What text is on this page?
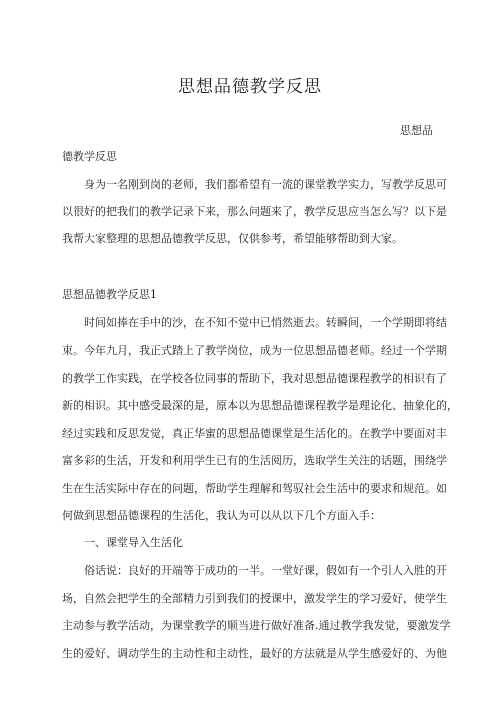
思想品德教学反思
思想品
德教学反思
身为一名刚到岗的老师，我们都希望有一流的课堂教学实力，写教学反思可
以很好的把我们的教学记录下来，那么问题来了，教学反思应当怎么写？以下是
我帮大家整理的思想品德教学反思，仅供参考，希望能够帮助到大家。
思想品德教学反思1
时间如捧在手中的沙，在不知不觉中已悄然逝去。转瞬间，一个学期即将结
束。今年九月，我正式踏上了教学岗位，成为一位思想品德老师。经过一个学期
的教学工作实践，在学校各位同事的帮助下，我对思想品德课程教学的相识有了
新的相识。其中感受最深的是，原本以为思想品德课程教学是理论化、抽象化的，
经过实践和反思发觉，真正华蜜的思想品德课堂是生活化的。在教学中要面对丰
富多彩的生活，开发和利用学生已有的生活阅历，选取学生关注的话题，围绕学
生在生活实际中存在的问题，帮助学生理解和驾驭社会生活中的要求和规范。如
何做到思想品德课程的生活化，我认为可以从以下几个方面入手：
一、课堂导入生活化
俗话说：良好的开端等于成功的一半。一堂好课，假如有一个引人入胜的开
场，自然会把学生的全部精力引到我们的授课中，激发学生的学习爱好，使学生
主动参与教学活动，为课堂教学的顺当进行做好准备.通过教学我发觉，要激发学
生的爱好、调动学生的主动性和主动性，最好的方法就是从学生感爱好的、为他
